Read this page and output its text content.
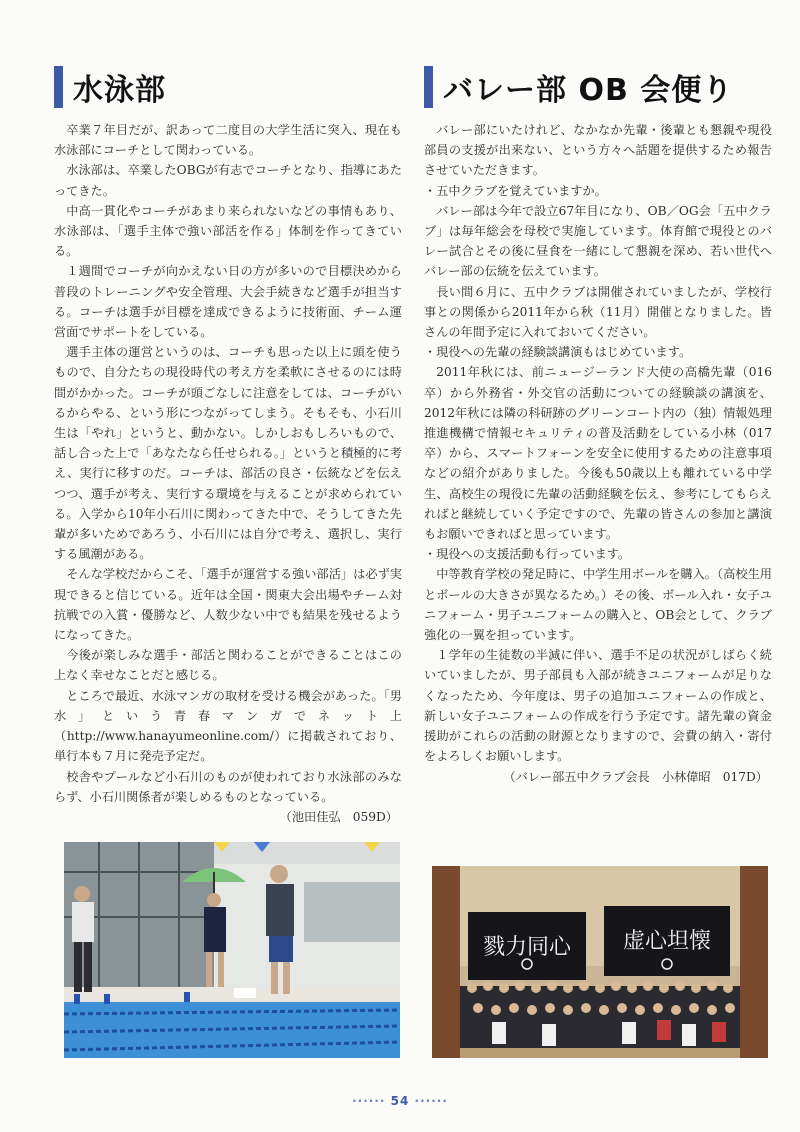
水泳部

卒業７年目だが、訳あって二度目の大学生活に突入、現在も水泳部にコーチとして関わっている。

水泳部は、卒業したOBGが有志でコーチとなり、指導にあたってきた。

中高一貫化やコーチがあまり来られないなどの事情もあり、水泳部は、「選手主体で強い部活を作る」体制を作ってきている。

１週間でコーチが向かえない日の方が多いので目標決めから普段のトレーニングや安全管理、大会手続きなど選手が担当する。コーチは選手が目標を達成できるように技術面、チーム運営面でサポートをしている。

選手主体の運営というのは、コーチも思った以上に頭を使うもので、自分たちの現役時代の考え方を柔軟にさせるのには時間がかかった。コーチが頭ごなしに注意をしては、コーチがいるからやる、という形につながってしまう。そもそも、小石川生は「やれ」というと、動かない。しかしおもしろいもので、話し合った上で「あなたなら任せられる。」というと積極的に考え、実行に移すのだ。コーチは、部活の良さ・伝統などを伝えつつ、選手が考え、実行する環境を与えることが求められている。入学から10年小石川に関わってきた中で、そうしてきた先輩が多いためであろう、小石川には自分で考え、選択し、実行する風潮がある。

そんな学校だからこそ、「選手が運営する強い部活」は必ず実現できると信じている。近年は全国・関東大会出場やチーム対抗戦での入賞・優勝など、人数少ない中でも結果を残せるようになってきた。

今後が楽しみな選手・部活と関わることができることはこの上なく幸せなことだと感じる。

ところで最近、水泳マンガの取材を受ける機会があった。「男水」という青春マンガでネット上（http://www.hanayumeonline.com/）に掲載されており、単行本も７月に発売予定だ。

校舎やプールなど小石川のものが使われており水泳部のみならず、小石川関係者が楽しめるものとなっている。

（池田佳弘　059D）

バレー部 OB 会便り

バレー部にいたけれど、なかなか先輩・後輩とも懇親や現役部員の支援が出来ない、という方々へ話題を提供するため報告させていただきます。

・五中クラブを覚えていますか。

バレー部は今年で設立67年目になり、OB／OG会「五中クラブ」は毎年総会を母校で実施しています。体育館で現役とのバレー試合とその後に昼食を一緒にして懇親を深め、若い世代へバレー部の伝統を伝えています。

長い間６月に、五中クラブは開催されていましたが、学校行事との関係から2011年から秋（11月）開催となりました。皆さんの年間予定に入れておいてください。

・現役への先輩の経験談講演もはじめています。

2011年秋には、前ニュージーランド大使の高橋先輩（016卒）から外務省・外交官の活動についての経験談の講演を、2012年秋には隣の科研跡のグリーンコート内の（独）情報処理推進機構で情報セキュリティの普及活動をしている小林（017卒）から、スマートフォーンを安全に使用するための注意事項などの紹介がありました。今後も50歳以上も離れている中学生、高校生の現役に先輩の活動経験を伝え、参考にしてもらえればと継続していく予定ですので、先輩の皆さんの参加と講演もお願いできればと思っています。

・現役への支援活動も行っています。

中等教育学校の発足時に、中学生用ボールを購入。（高校生用とボールの大きさが異なるため。）その後、ボール入れ・女子ユニフォーム・男子ユニフォームの購入と、OB会として、クラブ強化の一翼を担っています。

１学年の生徒数の半減に伴い、選手不足の状況がしばらく続いていましたが、男子部員も入部が続きユニフォームが足りなくなったため、今年度は、男子の追加ユニフォームの作成と、新しい女子ユニフォームの作成を行う予定です。諸先輩の資金援助がこれらの活動の財源となりますので、会費の納入・寄付をよろしくお願いします。

（バレー部五中クラブ会長　小林偉昭　017D）

戮力同心 虚心坦懐
······ 54 ······
